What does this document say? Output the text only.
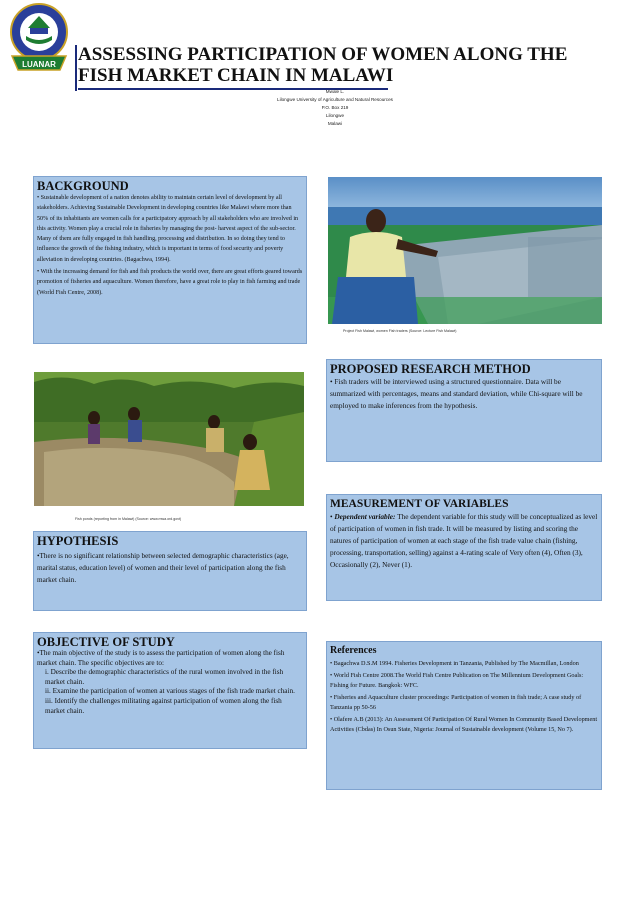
LUANAR ASSESSING PARTICIPATION OF WOMEN ALONG THE
FISH MARKET CHAIN IN MALAWI
Mwale L.
Lilongwe University of Agriculture and Natural Resources
P.O. Box 219
Lilongwe
Malawi
BACKGROUND

• Sustainable development of a nation denotes ability to maintain certain level of development by all stakeholders. Achieving Sustainable Development in developing countries like Malawi where more than 50% of its inhabitants are women calls for a participatory approach by all stakeholders who are involved in this activity. Women play a crucial role in fisheries by managing the post- harvest aspect of the sub-sector. Many of them are fully engaged in fish handling, processing and distribution. In so doing they tend to influence the growth of the fishing industry, which is important in terms of food security and poverty alleviation in developing countries. (Bagachwa, 1994).

• With the increasing demand for fish and fish products the world over, there are great efforts geared towards promotion of fisheries and aquaculture. Women therefore, have a great role to play in fish farming and trade (World Fish Centre, 2008).

Project Fish Malawi, women Fish traders (Source: Lecture Fish Malawi)
Fish ponds (reporting from in Malawi) (Source: www.mwa.ord.govt)
PROPOSED RESEARCH METHOD

• Fish traders will be interviewed using a structured questionnaire. Data will be summarized with percentages, means and standard deviation, while Chi-square will be employed to make inferences from the hypothesis.

MEASUREMENT OF VARIABLES

• Dependent variable: The dependent variable for this study will be conceptualized as level of participation of women in fish trade. It will be measured by listing and scoring the natures of participation of women at each stage of the fish trade value chain (fishing, processing, transportation, selling) against a 4-rating scale of Very often (4), Often (3), Occasionally (2), Never (1).

HYPOTHESIS

•There is no significant relationship between selected demographic characteristics (age, marital status, education level) of women and their level of participation along the fish market chain.

OBJECTIVE OF STUDY

•The main objective of the study is to assess the participation of women along the fish market chain. The specific objectives are to:

i. Describe the demographic characteristics of the rural women involved in the fish market chain.

ii. Examine the participation of women at various stages of the fish trade market chain.

iii. Identify the challenges militating against participation of women along the fish market chain.

References

• Bagachwa D.S.M 1994. Fisheries Development in Tanzania, Published by The Macmillan, London

• World Fish Centre 2008.The World Fish Centre Publication on The Millennium Development Goals: Fishing for Future. Bangkok: WFC.

• Fisheries and Aquaculture cluster proceedings: Participation of women in fish trade; A case study of Tanzania pp 50-56

• Olafere A.B (2013): An Assessment Of Participation Of Rural Women In Community Based Development Activities (Cbdas) In Osun State, Nigeria: Journal of Sustainable development (Volume 15, No 7).
